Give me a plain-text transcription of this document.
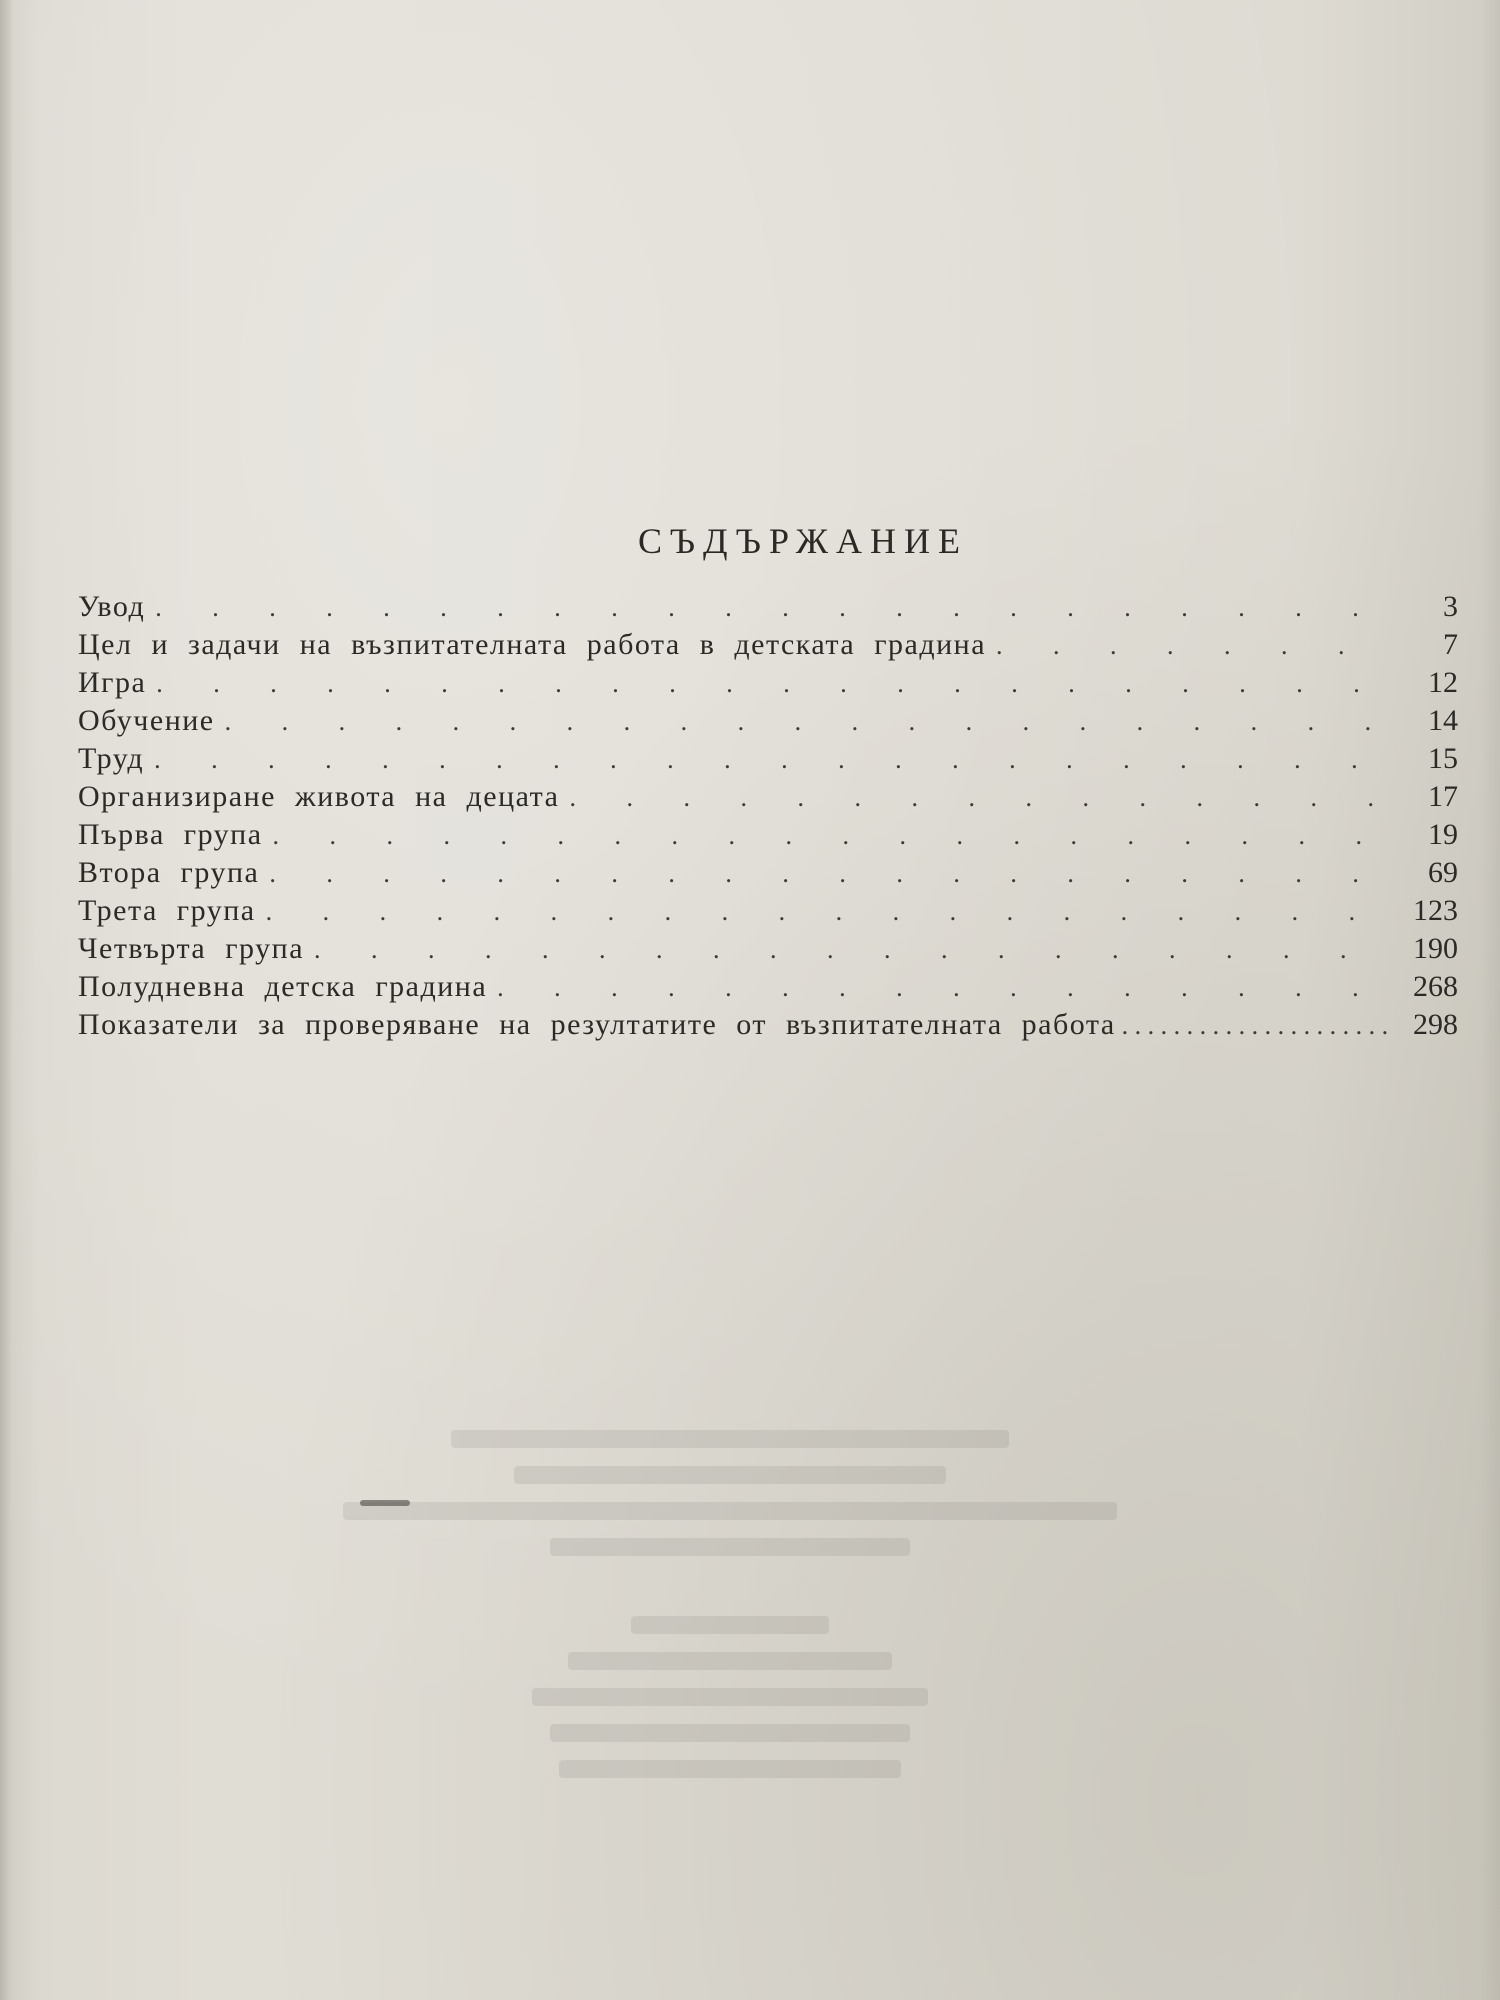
СЪДЪРЖАНИЕ
Увод . . .	3
Цел и задачи на възпитателната работа в детската градина . . .	7
Игра . . .	12
Обучение . . .	14
Труд . . .	15
Организиране живота на децата . . .	17
Първа група . . .	19
Втора група . . .	69
Трета група . . .	123
Четвърта група . . .	190
Полудневна детска градина . . .	268
Показатели за проверяване на резултатите от възпитателната работа . . .	298
